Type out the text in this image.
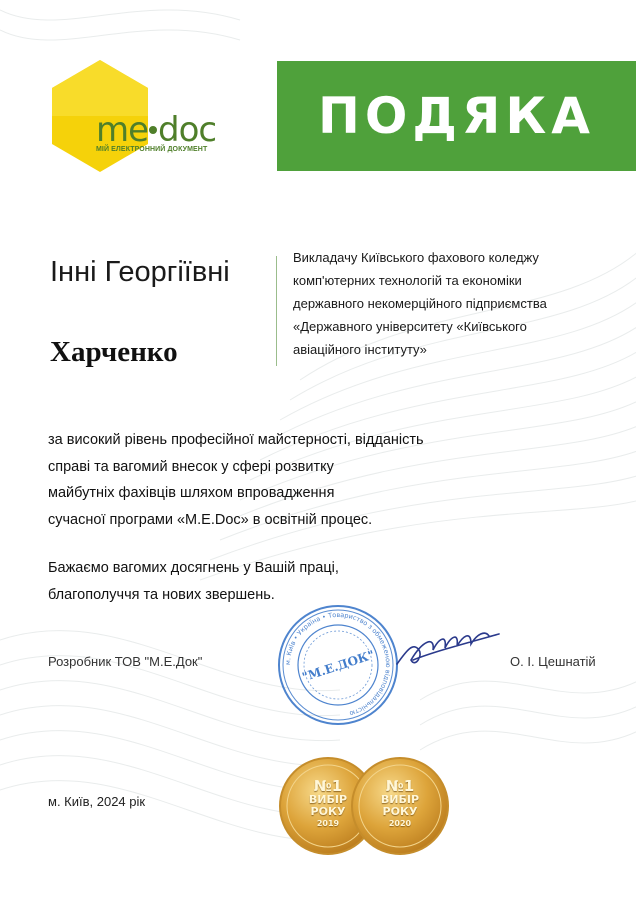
me doc
МІЙ ЕЛЕКТРОННИЙ ДОКУМЕНТ
ПОДЯКА
Інні Георгіївні
Харченко
Викладачу Київського фахового коледжу
комп'ютерних технологій та економіки
державного некомерційного підприємства
«Державного університету «Київського
авіаційного інституту»
за високий рівень професійної майстерності, відданість
справі та вагомий внесок у сфері розвитку
майбутніх фахівців шляхом впровадження
сучасної програми «M.E.Doc» в освітній процес.
Бажаємо вагомих досягнень у Вашій праці,
благополуччя та нових звершень.
Розробник ТОВ "М.Е.Док"	м. Київ • Україна • Товариство з обмеженою відповідальністю
"М.Е.ДОК"	О. І. Цешнатій
м. Київ, 2024 рік
№1
ВИБІР
РОКУ
2019
№1
ВИБІР
РОКУ
2020
